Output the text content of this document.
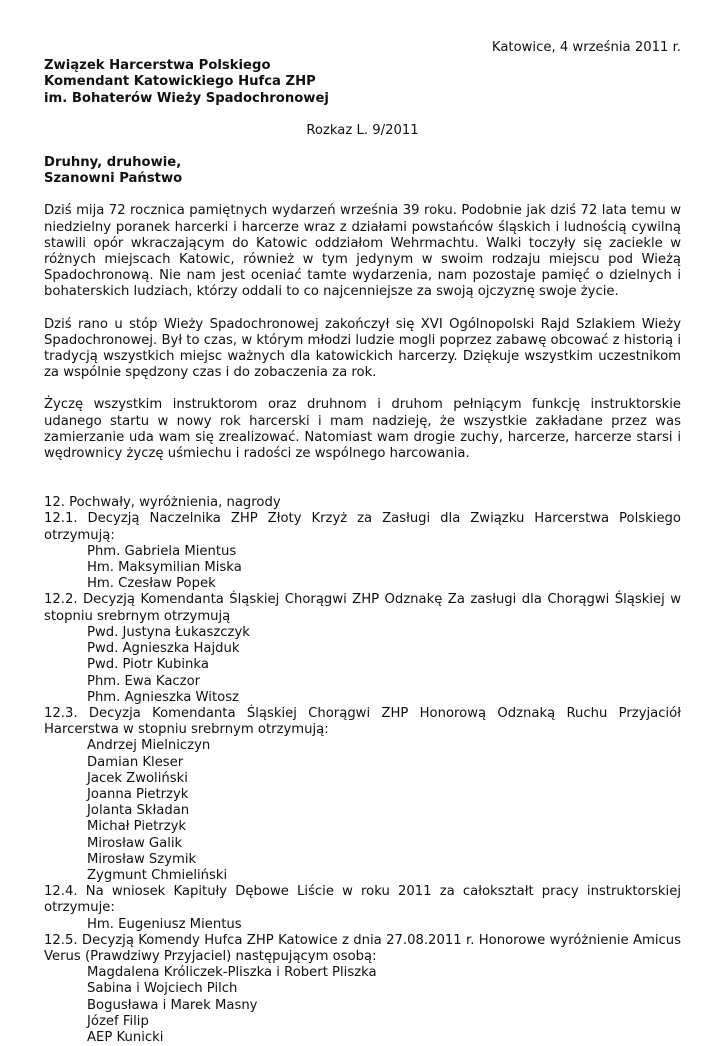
Katowice, 4 września 2011 r.
Związek Harcerstwa Polskiego
Komendant Katowickiego Hufca ZHP
im. Bohaterów Wieży Spadochronowej
Rozkaz L. 9/2011
Druhny, druhowie,
Szanowni Państwo
Dziś mija 72 rocznica pamiętnych wydarzeń września 39 roku. Podobnie jak dziś 72 lata temu w niedzielny poranek harcerki i harcerze wraz z działami powstańców śląskich i ludnością cywilną stawili opór wkraczającym do Katowic oddziałom Wehrmachtu. Walki toczyły się zaciekle w różnych miejscach Katowic, również w tym jedynym w swoim rodzaju miejscu pod Wieżą Spadochronową. Nie nam jest oceniać tamte wydarzenia, nam pozostaje pamięć o dzielnych i bohaterskich ludziach, którzy oddali to co najcenniejsze za swoją ojczyznę swoje życie.
Dziś rano u stóp Wieży Spadochronowej zakończył się XVI Ogólnopolski Rajd Szlakiem Wieży Spadochronowej. Był to czas, w którym młodzi ludzie mogli poprzez zabawę obcować z historią i tradycją wszystkich miejsc ważnych dla katowickich harcerzy. Dziękuje wszystkim uczestnikom za wspólnie spędzony czas i do zobaczenia za rok.
Życzę wszystkim instruktorom oraz druhnom i druhom pełniącym funkcję instruktorskie udanego startu w nowy rok harcerski i mam nadzieję, że wszystkie zakładane przez was zamierzanie uda wam się zrealizować. Natomiast wam drogie zuchy, harcerze, harcerze starsi i wędrownicy życzę uśmiechu i radości ze wspólnego harcowania.
12. Pochwały, wyróżnienia, nagrody
12.1. Decyzją Naczelnika ZHP Złoty Krzyż za Zasługi dla Związku Harcerstwa Polskiego otrzymują:
Phm. Gabriela Mientus
Hm. Maksymilian Miska
Hm. Czesław Popek
12.2. Decyzją Komendanta Śląskiej Chorągwi ZHP Odznakę Za zasługi dla Chorągwi Śląskiej w stopniu srebrnym otrzymują
Pwd. Justyna Łukaszczyk
Pwd. Agnieszka Hajduk
Pwd. Piotr Kubinka
Phm. Ewa Kaczor
Phm. Agnieszka Witosz
12.3. Decyzja Komendanta Śląskiej Chorągwi ZHP Honorową Odznaką Ruchu Przyjaciół Harcerstwa w stopniu srebrnym otrzymują:
Andrzej Mielniczyn
Damian Kleser
Jacek Zwoliński
Joanna Pietrzyk
Jolanta Składan
Michał Pietrzyk
Mirosław Galik
Mirosław Szymik
Zygmunt Chmieliński
12.4. Na wniosek Kapituły Dębowe Liście w roku 2011 za całokształt pracy instruktorskiej otrzymuje:
Hm. Eugeniusz Mientus
12.5. Decyzją Komendy Hufca ZHP Katowice z dnia 27.08.2011 r. Honorowe wyróżnienie Amicus Verus (Prawdziwy Przyjaciel) następującym osobą:
Magdalena Króliczek-Pliszka i Robert Pliszka
Sabina i Wojciech Pilch
Bogusława i Marek Masny
Józef Filip
AEP Kunicki
